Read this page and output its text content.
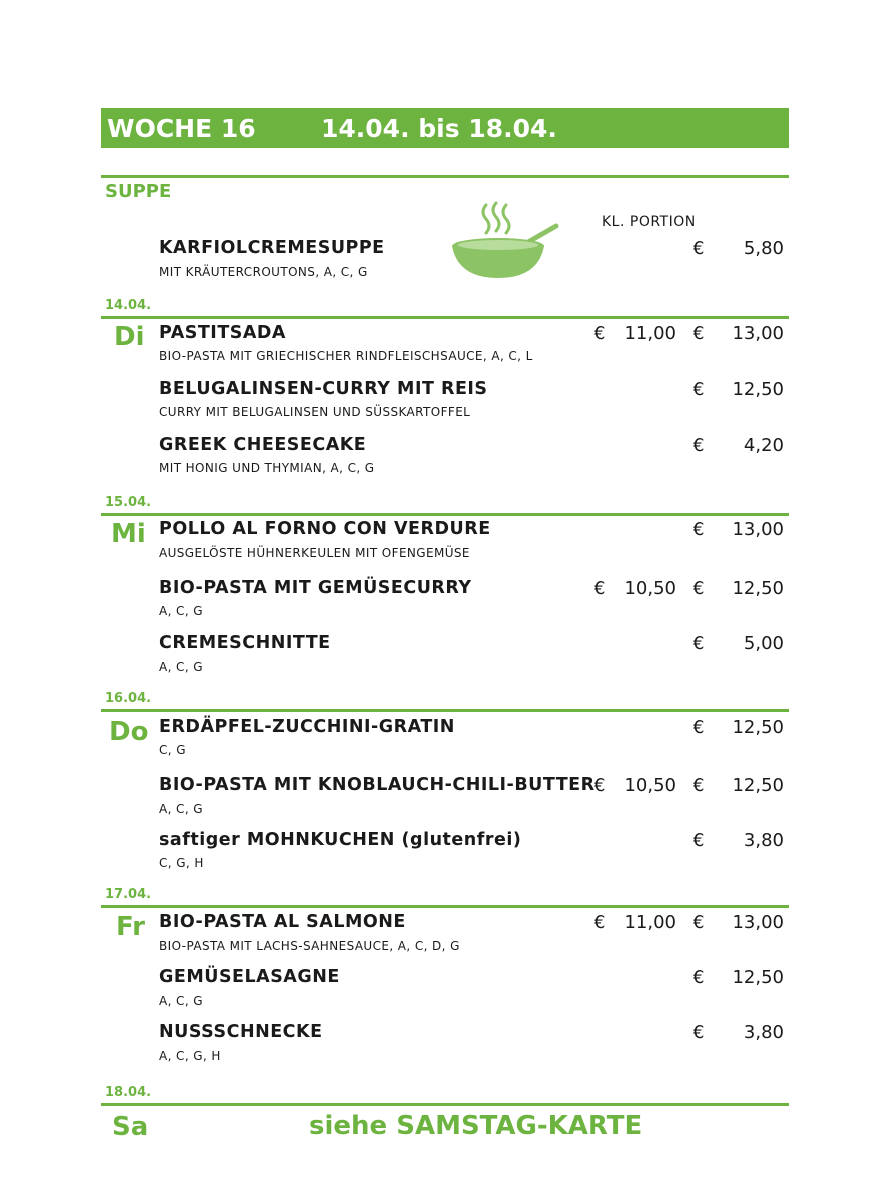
WOCHE 16	14.04. bis 18.04.
SUPPE
KL. PORTION
KARFIOLCREMESUPPE
MIT KRÄUTERCROUTONS, A, C, G
€	5,80
14.04.
Di PASTITSADA
BIO-PASTA MIT GRIECHISCHER RINDFLEISCHSAUCE, A, C, L
€	11,00 €	13,00
BELUGALINSEN-CURRY MIT REIS
CURRY MIT BELUGALINSEN UND SÜSSKARTOFFEL
€	12,50
GREEK CHEESECAKE
MIT HONIG UND THYMIAN, A, C, G
€	4,20
15.04.
Mi POLLO AL FORNO CON VERDURE
AUSGELÖSTE HÜHNERKEULEN MIT OFENGEMÜSE
€	13,00
BIO-PASTA MIT GEMÜSECURRY
A, C, G
€	10,50 €	12,50
CREMESCHNITTE
A, C, G
€	5,00
16.04.
Do ERDÄPFEL-ZUCCHINI-GRATIN
C, G
€	12,50
BIO-PASTA MIT KNOBLAUCH-CHILI-BUTTER
A, C, G
€	10,50 €	12,50
saftiger MOHNKUCHEN (glutenfrei)
C, G, H
€	3,80
17.04.
Fr BIO-PASTA AL SALMONE
BIO-PASTA MIT LACHS-SAHNESAUCE, A, C, D, G
€	11,00 €	13,00
GEMÜSELASAGNE
A, C, G
€	12,50
NUSSSCHNECKE
A, C, G, H
€	3,80
18.04.
Sa	siehe SAMSTAG-KARTE
